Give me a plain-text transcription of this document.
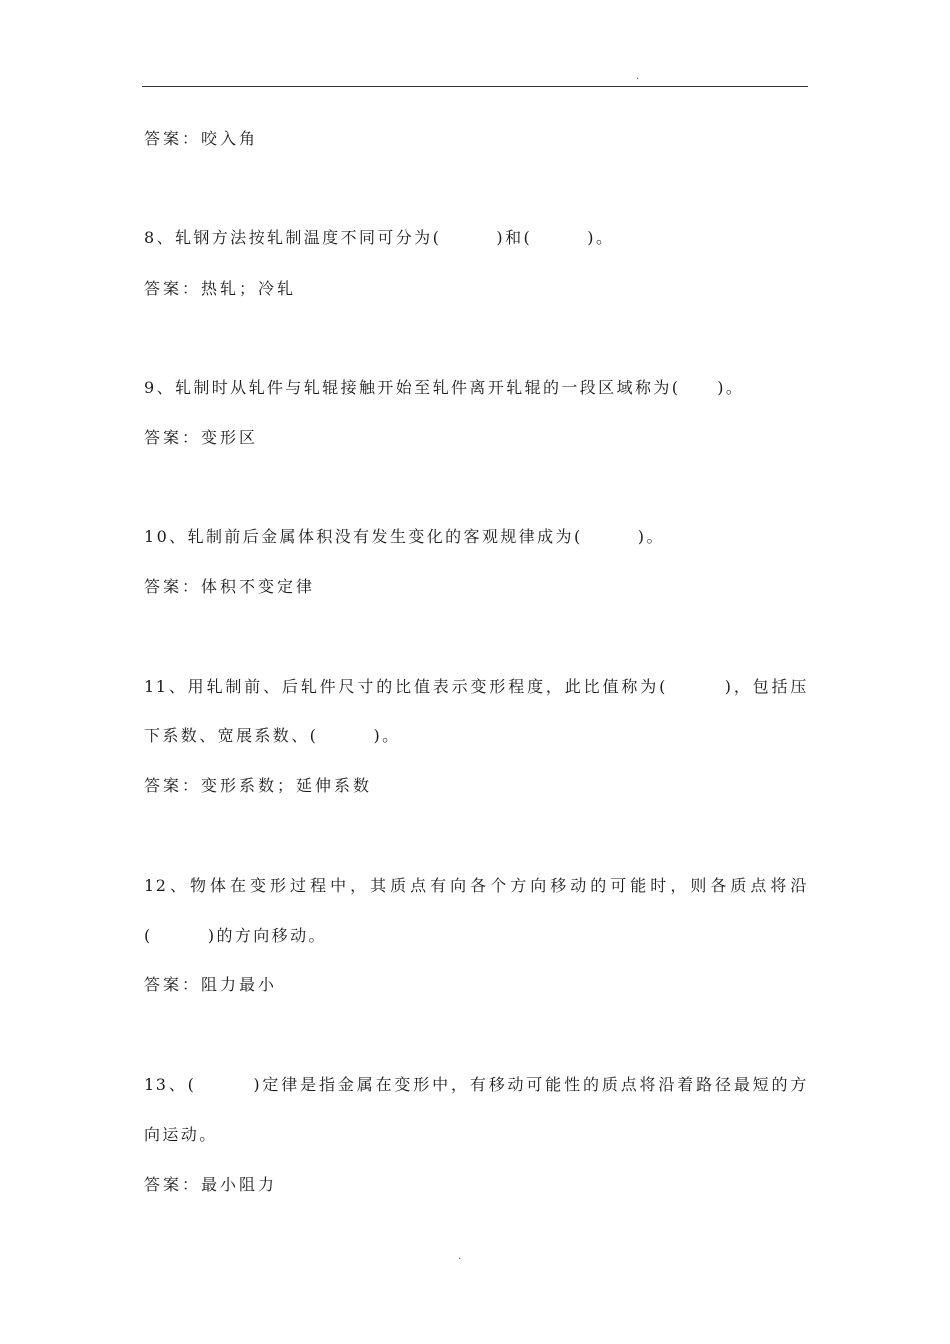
.
答案：咬入角
8、轧钢方法按轧制温度不同可分为(　　　)和(　　　)。
答案：热轧；冷轧
9、轧制时从轧件与轧辊接触开始至轧件离开轧辊的一段区域称为(　　)。
答案：变形区
10、轧制前后金属体积没有发生变化的客观规律成为(　　　)。
答案：体积不变定律
11、用轧制前、后轧件尺寸的比值表示变形程度，此比值称为(　　　)，包括压
下系数、宽展系数、(　　　)。
答案：变形系数；延伸系数
12、物体在变形过程中，其质点有向各个方向移动的可能时，则各质点将沿
(　　　)的方向移动。
答案：阻力最小
13、(　　　)定律是指金属在变形中，有移动可能性的质点将沿着路径最短的方
向运动。
答案：最小阻力
.
